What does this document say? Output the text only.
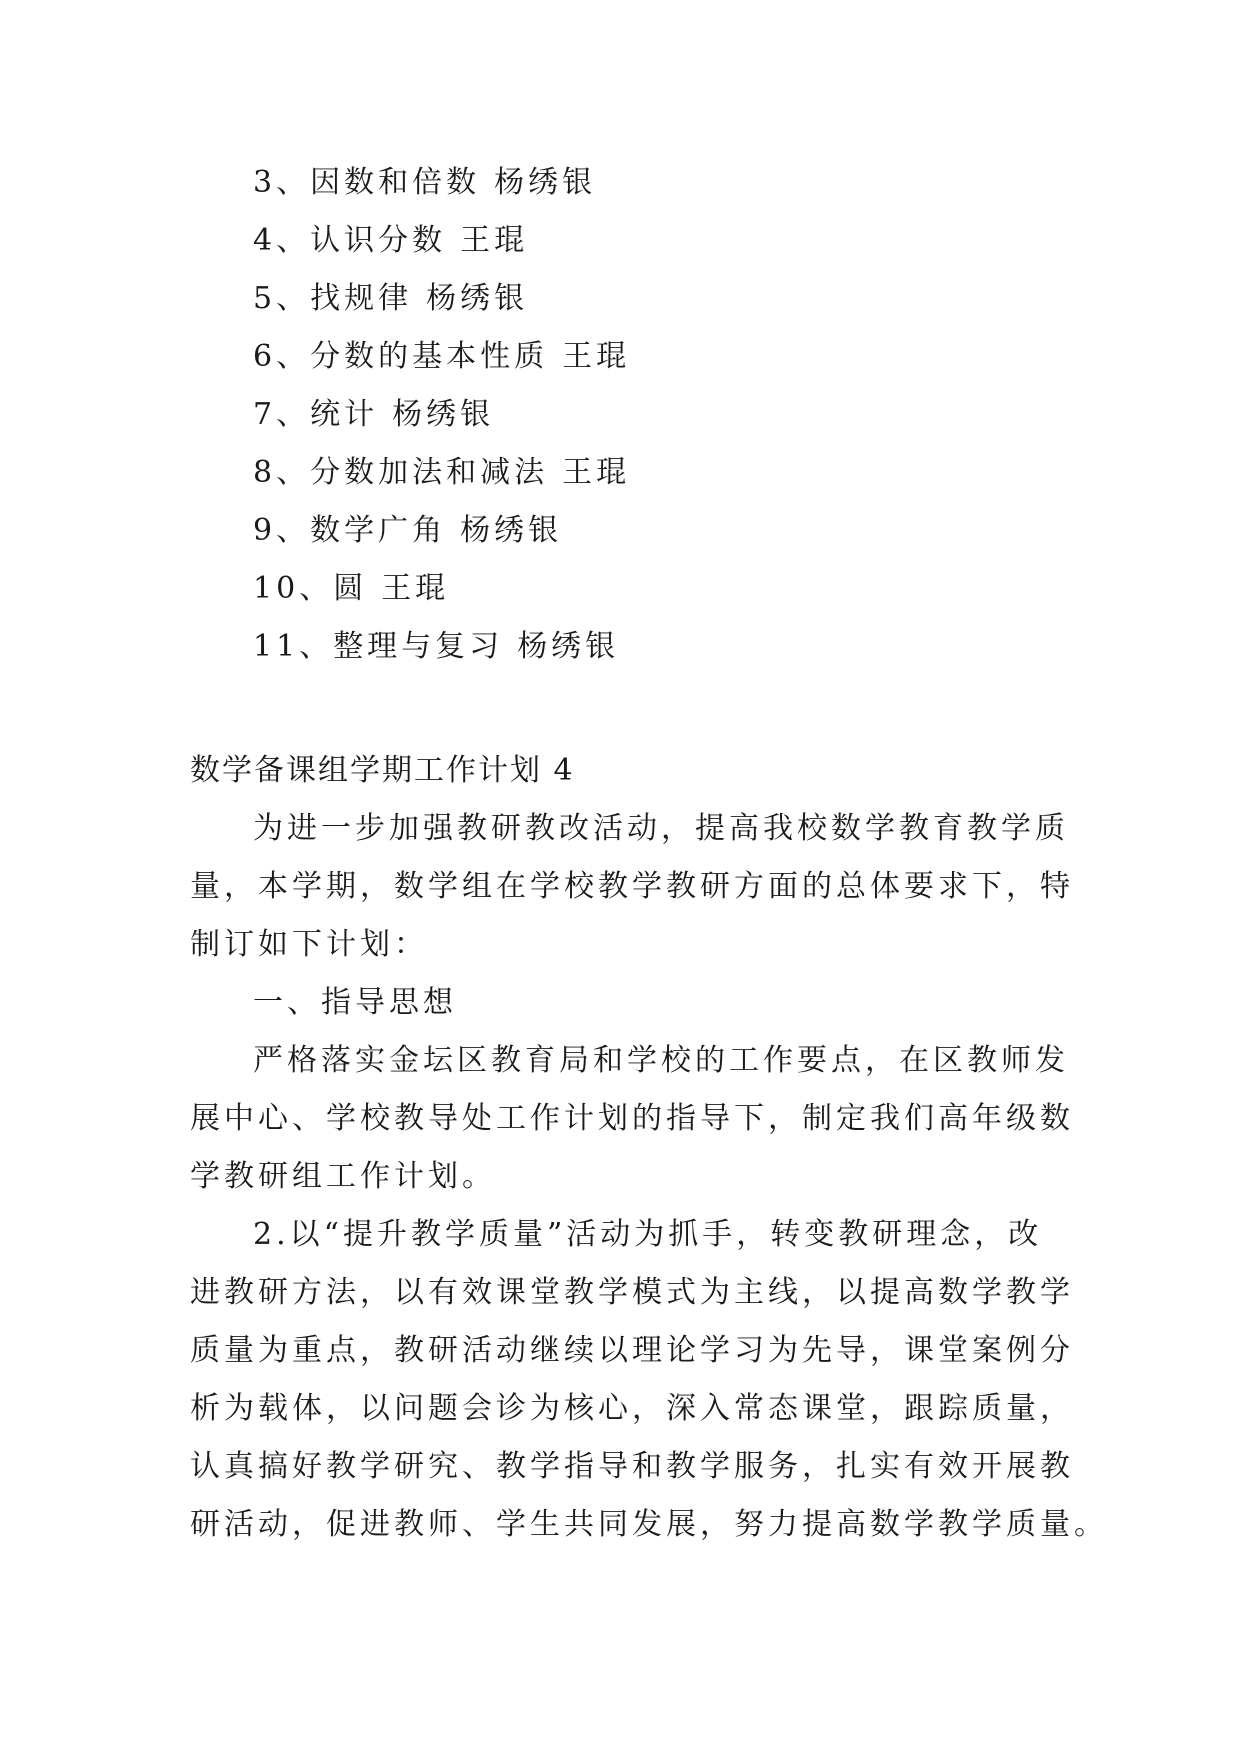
3、因数和倍数 杨绣银
4、认识分数 王琨
5、找规律 杨绣银
6、分数的基本性质 王琨
7、统计 杨绣银
8、分数加法和减法 王琨
9、数学广角 杨绣银
10、圆 王琨
11、整理与复习 杨绣银
数学备课组学期工作计划 4

为进一步加强教研教改活动，提高我校数学教育教学质
量，本学期，数学组在学校教学教研方面的总体要求下，特
制订如下计划：

一、指导思想

严格落实金坛区教育局和学校的工作要点，在区教师发
展中心、学校教导处工作计划的指导下，制定我们高年级数
学教研组工作计划。

2.以“提升教学质量”活动为抓手，转变教研理念，改
进教研方法，以有效课堂教学模式为主线，以提高数学教学
质量为重点，教研活动继续以理论学习为先导，课堂案例分
析为载体，以问题会诊为核心，深入常态课堂，跟踪质量，
认真搞好教学研究、教学指导和教学服务，扎实有效开展教
研活动，促进教师、学生共同发展，努力提高数学教学质量。
